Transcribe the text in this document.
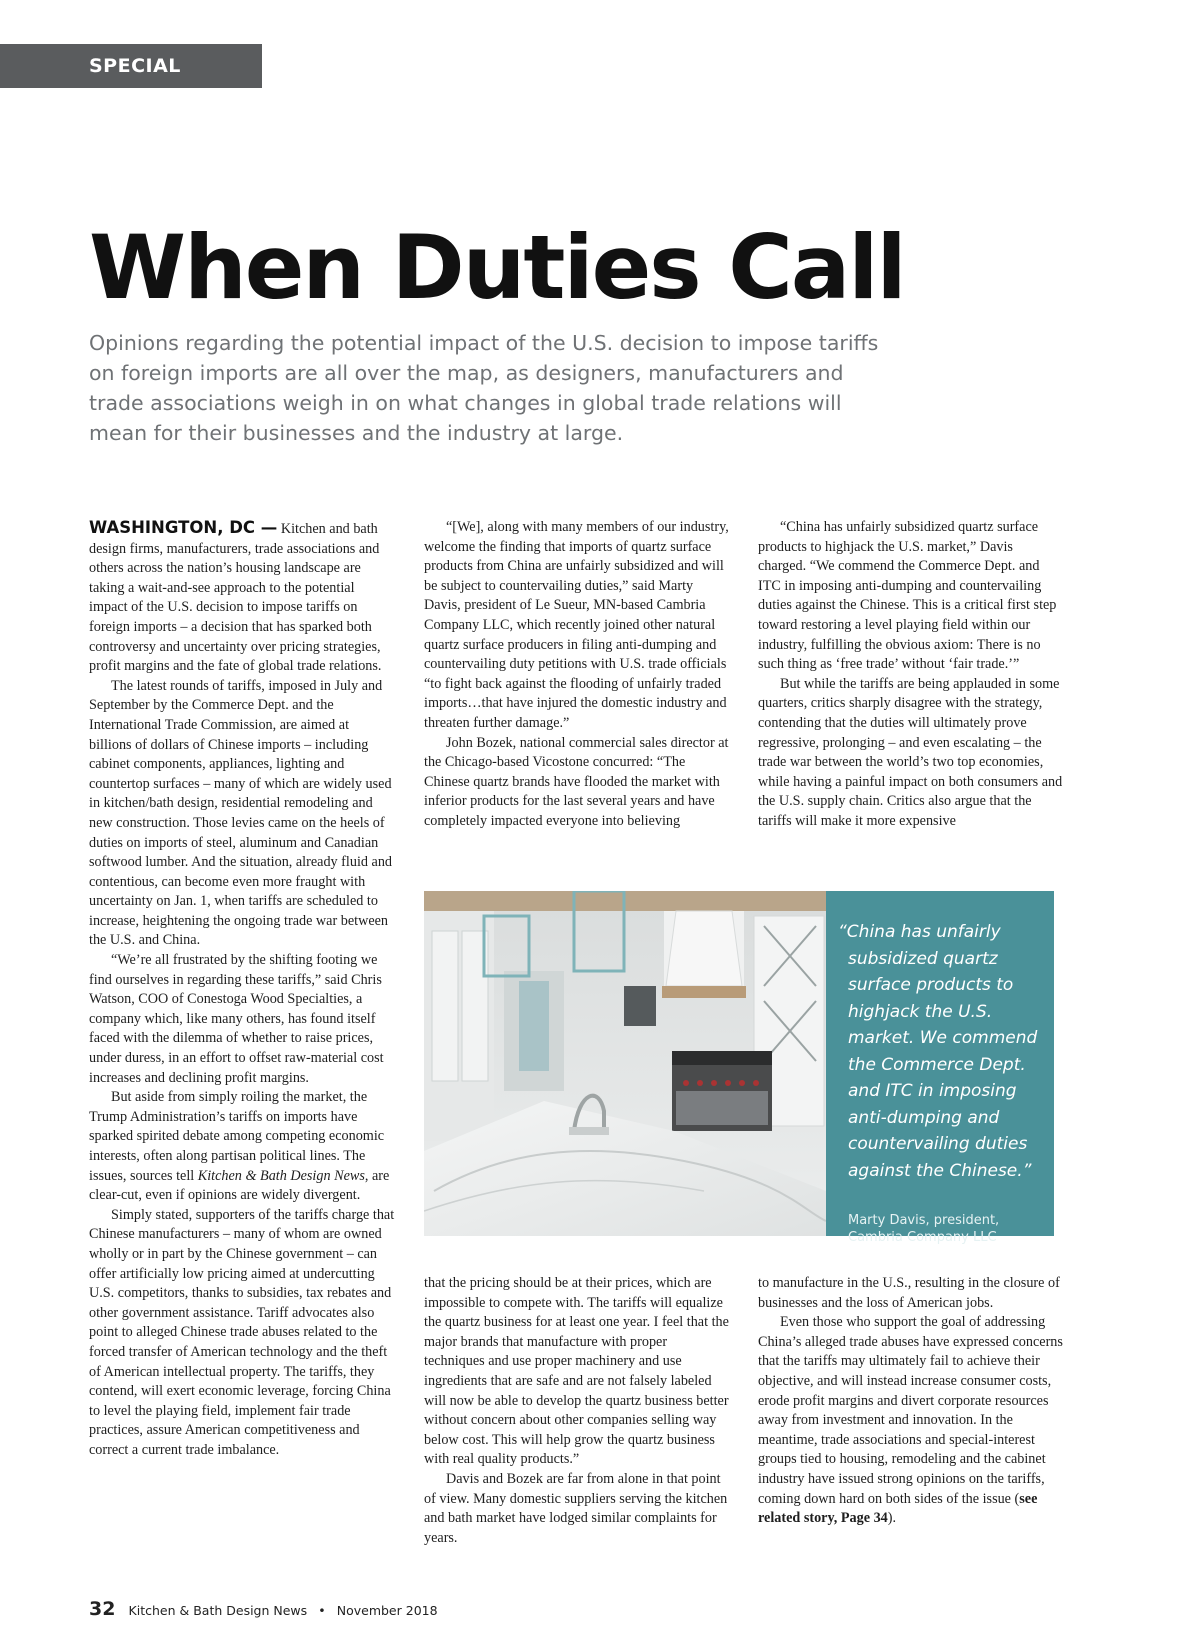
SPECIAL REPORT
When Duties Call

Opinions regarding the potential impact of the U.S. decision to impose tariffs on foreign imports are all over the map, as designers, manufacturers and trade associations weigh in on what changes in global trade relations will mean for their businesses and the industry at large.

WASHINGTON, DC — Kitchen and bath design firms, manufacturers, trade associations and others across the nation’s housing landscape are taking a wait-and-see approach to the potential impact of the U.S. decision to impose tariffs on foreign imports – a decision that has sparked both controversy and uncertainty over pricing strategies, profit margins and the fate of global trade relations.

The latest rounds of tariffs, imposed in July and September by the Commerce Dept. and the International Trade Commission, are aimed at billions of dollars of Chinese imports – including cabinet components, appliances, lighting and countertop surfaces – many of which are widely used in kitchen/bath design, residential remodeling and new construction. Those levies came on the heels of duties on imports of steel, aluminum and Canadian softwood lumber. And the situation, already fluid and contentious, can become even more fraught with uncertainty on Jan. 1, when tariffs are scheduled to increase, heightening the ongoing trade war between the U.S. and China.

“We’re all frustrated by the shifting footing we find ourselves in regarding these tariffs,” said Chris Watson, COO of Conestoga Wood Specialties, a company which, like many others, has found itself faced with the dilemma of whether to raise prices, under duress, in an effort to offset raw-material cost increases and declining profit margins.

But aside from simply roiling the market, the Trump Administration’s tariffs on imports have sparked spirited debate among competing economic interests, often along partisan political lines. The issues, sources tell Kitchen & Bath Design News, are clear-cut, even if opinions are widely divergent.

Simply stated, supporters of the tariffs charge that Chinese manufacturers – many of whom are owned wholly or in part by the Chinese government – can offer artificially low pricing aimed at undercutting U.S. competitors, thanks to subsidies, tax rebates and other government assistance. Tariff advocates also point to alleged Chinese trade abuses related to the forced transfer of American technology and the theft of American intellectual property. The tariffs, they contend, will exert economic leverage, forcing China to level the playing field, implement fair trade practices, assure American competitiveness and correct a current trade imbalance.

“[We], along with many members of our industry, welcome the finding that imports of quartz surface products from China are unfairly subsidized and will be subject to countervailing duties,” said Marty Davis, president of Le Sueur, MN-based Cambria Company LLC, which recently joined other natural quartz surface producers in filing anti-dumping and countervailing duty petitions with U.S. trade officials “to fight back against the flooding of unfairly traded imports…that have injured the domestic industry and threaten further damage.”

John Bozek, national commercial sales director at the Chicago-based Vicostone concurred: “The Chinese quartz brands have flooded the market with inferior products for the last several years and have completely impacted everyone into believing

“China has unfairly subsidized quartz surface products to highjack the U.S. market,” Davis charged. “We commend the Commerce Dept. and ITC in imposing anti-dumping and countervailing duties against the Chinese. This is a critical first step toward restoring a level playing field within our industry, fulfilling the obvious axiom: There is no such thing as ‘free trade’ without ‘fair trade.’”

But while the tariffs are being applauded in some quarters, critics sharply disagree with the strategy, contending that the duties will ultimately prove regressive, prolonging – and even escalating – the trade war between the world’s two top economies, while having a painful impact on both consumers and the U.S. supply chain. Critics also argue that the tariffs will make it more expensive

“China has unfairly subsidized quartz surface products to highjack the U.S. market. We commend the Commerce Dept. and ITC in imposing anti-dumping and countervailing duties against the Chinese.”

Marty Davis, president,
Cambria Company LLC

that the pricing should be at their prices, which are impossible to compete with. The tariffs will equalize the quartz business for at least one year. I feel that the major brands that manufacture with proper techniques and use proper machinery and use ingredients that are safe and are not falsely labeled will now be able to develop the quartz business better without concern about other companies selling way below cost. This will help grow the quartz business with real quality products.”

Davis and Bozek are far from alone in that point of view. Many domestic suppliers serving the kitchen and bath market have lodged similar complaints for years.

to manufacture in the U.S., resulting in the closure of businesses and the loss of American jobs.

Even those who support the goal of addressing China’s alleged trade abuses have expressed concerns that the tariffs may ultimately fail to achieve their objective, and will instead increase consumer costs, erode profit margins and divert corporate resources away from investment and innovation. In the meantime, trade associations and special-interest groups tied to housing, remodeling and the cabinet industry have issued strong opinions on the tariffs, coming down hard on both sides of the issue (see related story, Page 34).

32 Kitchen & Bath Design News • November 2018
